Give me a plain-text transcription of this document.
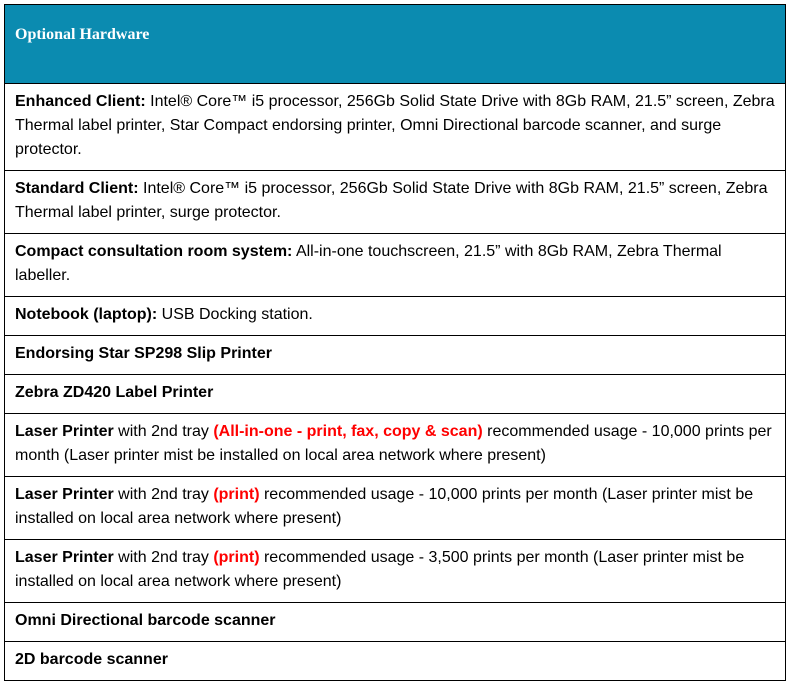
Optional Hardware
Enhanced Client: Intel® Core™ i5 processor, 256Gb Solid State Drive with 8Gb RAM, 21.5” screen, Zebra Thermal label printer, Star Compact endorsing printer, Omni Directional barcode scanner, and surge protector.
Standard Client: Intel® Core™ i5 processor, 256Gb Solid State Drive with 8Gb RAM, 21.5” screen, Zebra Thermal label printer, surge protector.
Compact consultation room system: All-in-one touchscreen, 21.5” with 8Gb RAM, Zebra Thermal labeller.
Notebook (laptop): USB Docking station.
Endorsing Star SP298 Slip Printer
Zebra ZD420 Label Printer
Laser Printer with 2nd tray (All-in-one - print, fax, copy & scan) recommended usage - 10,000 prints per month (Laser printer mist be installed on local area network where present)
Laser Printer with 2nd tray (print) recommended usage - 10,000 prints per month (Laser printer mist be installed on local area network where present)
Laser Printer with 2nd tray (print) recommended usage - 3,500 prints per month (Laser printer mist be installed on local area network where present)
Omni Directional barcode scanner
2D barcode scanner
